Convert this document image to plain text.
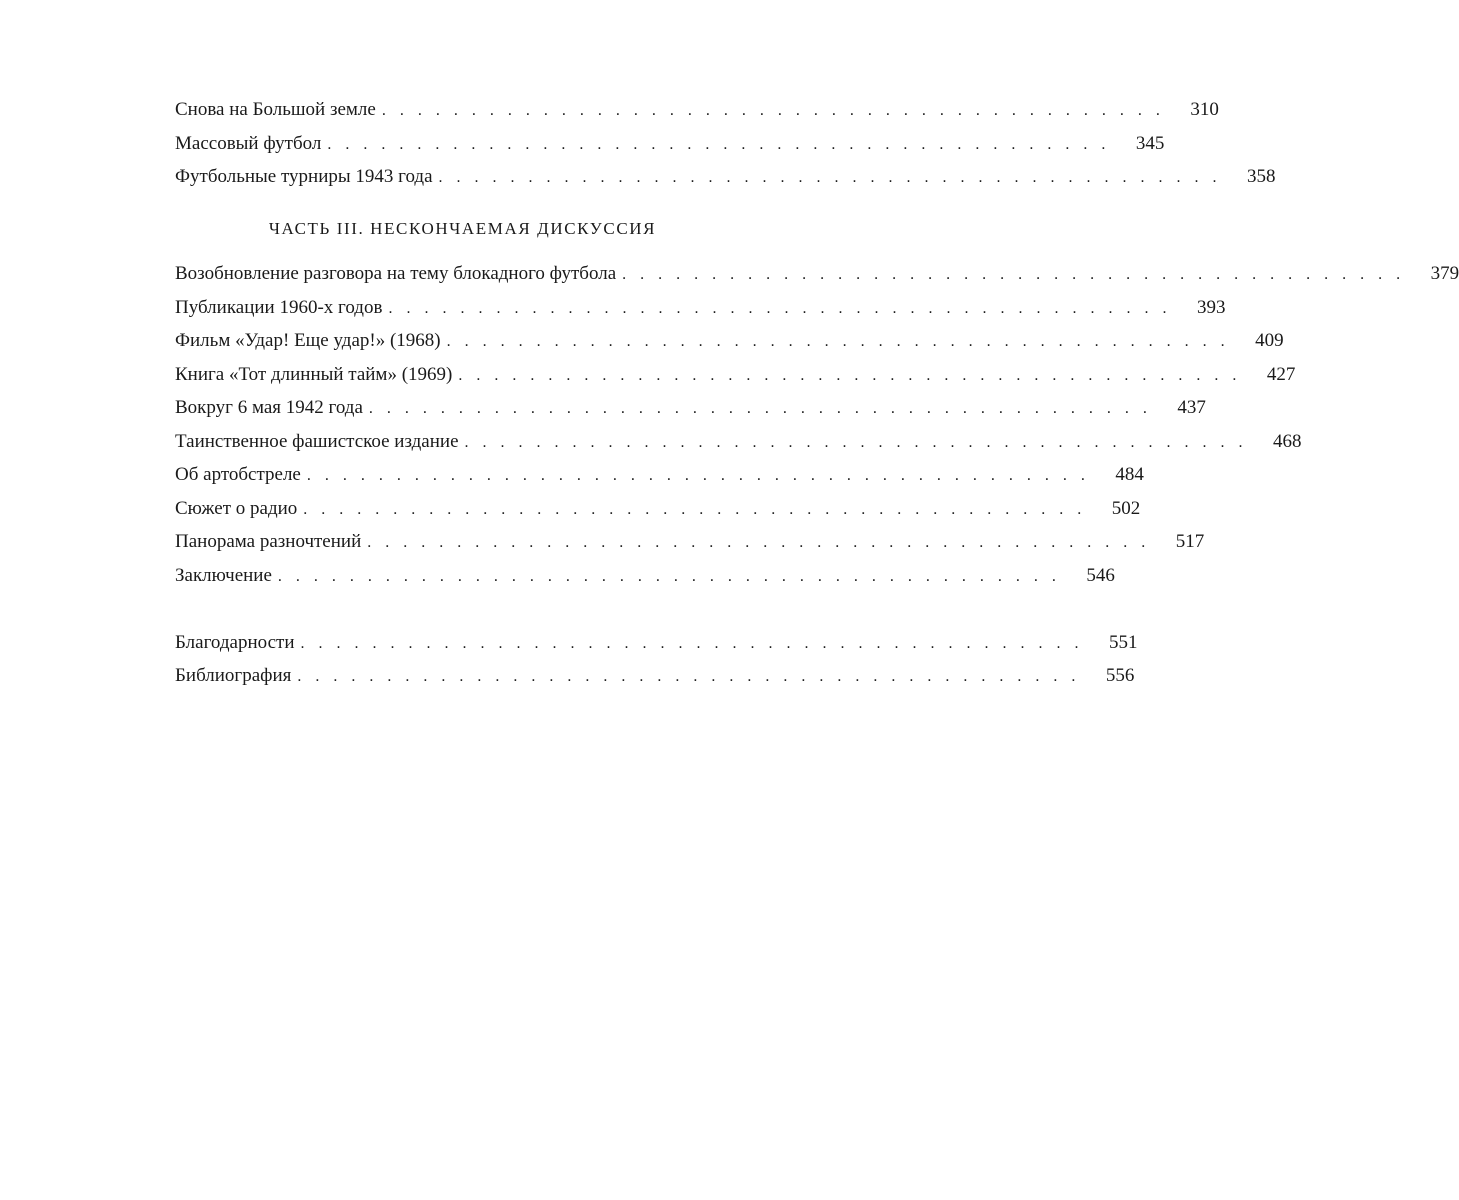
Снова на Большой земле . . . . . . . . . . . . . . . . . . . . . . . . . . . . . . . . . . . . . . . . . . . .	310
Массовый футбол . . . . . . . . . . . . . . . . . . . . . . . . . . . . . . . . . . . . . . . . . . . .	345
Футбольные турниры 1943 года . . . . . . . . . . . . . . . . . . . . . . . . . . . . . . . . . . . . . . . . . . . .	358
ЧАСТЬ III. НЕСКОНЧАЕМАЯ ДИСКУССИЯ
Возобновление разговора на тему блокадного футбола . . . . . . . . . . . . . . . . . . . . . . . . . . . . . . . . . . . . . . . . . . . .	379
Публикации 1960-х годов . . . . . . . . . . . . . . . . . . . . . . . . . . . . . . . . . . . . . . . . . . . .	393
Фильм «Удар! Еще удар!» (1968) . . . . . . . . . . . . . . . . . . . . . . . . . . . . . . . . . . . . . . . . . . . .	409
Книга «Тот длинный тайм» (1969) . . . . . . . . . . . . . . . . . . . . . . . . . . . . . . . . . . . . . . . . . . . .	427
Вокруг 6 мая 1942 года . . . . . . . . . . . . . . . . . . . . . . . . . . . . . . . . . . . . . . . . . . . .	437
Таинственное фашистское издание . . . . . . . . . . . . . . . . . . . . . . . . . . . . . . . . . . . . . . . . . . . .	468
Об артобстреле . . . . . . . . . . . . . . . . . . . . . . . . . . . . . . . . . . . . . . . . . . . .	484
Сюжет о радио . . . . . . . . . . . . . . . . . . . . . . . . . . . . . . . . . . . . . . . . . . . .	502
Панорама разночтений . . . . . . . . . . . . . . . . . . . . . . . . . . . . . . . . . . . . . . . . . . . .	517
Заключение . . . . . . . . . . . . . . . . . . . . . . . . . . . . . . . . . . . . . . . . . . . .	546
Благодарности . . . . . . . . . . . . . . . . . . . . . . . . . . . . . . . . . . . . . . . . . . . .	551
Библиография . . . . . . . . . . . . . . . . . . . . . . . . . . . . . . . . . . . . . . . . . . . .	556
